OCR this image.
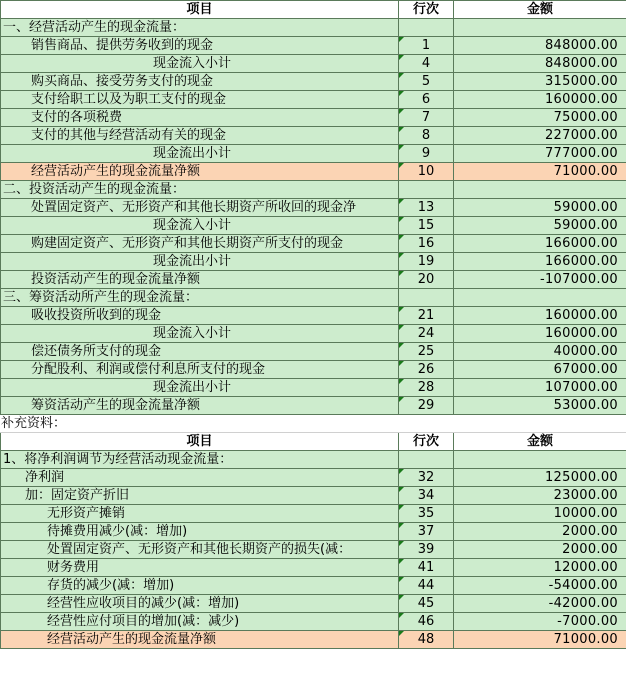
项目	行次	金额
一、经营活动产生的现金流量：		
销售商品、提供劳务收到的现金	1	848000.00
现金流入小计	4	848000.00
购买商品、接受劳务支付的现金	5	315000.00
支付给职工以及为职工支付的现金	6	160000.00
支付的各项税费	7	75000.00
支付的其他与经营活动有关的现金	8	227000.00
现金流出小计	9	777000.00
经营活动产生的现金流量净额	10	71000.00
二、投资活动产生的现金流量：		
处置固定资产、无形资产和其他长期资产所收回的现金净	13	59000.00
现金流入小计	15	59000.00
购建固定资产、无形资产和其他长期资产所支付的现金	16	166000.00
现金流出小计	19	166000.00
投资活动产生的现金流量净额	20	-107000.00
三、筹资活动所产生的现金流量：		
吸收投资所收到的现金	21	160000.00
现金流入小计	24	160000.00
偿还债务所支付的现金	25	40000.00
分配股利、利润或偿付利息所支付的现金	26	67000.00
现金流出小计	28	107000.00
筹资活动产生的现金流量净额	29	53000.00
补充资料：		
项目	行次	金额
1、将净利润调节为经营活动现金流量：		
净利润	32	125000.00
加：固定资产折旧	34	23000.00
无形资产摊销	35	10000.00
待摊费用减少(减：增加)	37	2000.00
处置固定资产、无形资产和其他长期资产的损失(减：	39	2000.00
财务费用	41	12000.00
存货的减少(减：增加)	44	-54000.00
经营性应收项目的减少(减：增加)	45	-42000.00
经营性应付项目的增加(减：减少)	46	-7000.00
经营活动产生的现金流量净额	48	71000.00
